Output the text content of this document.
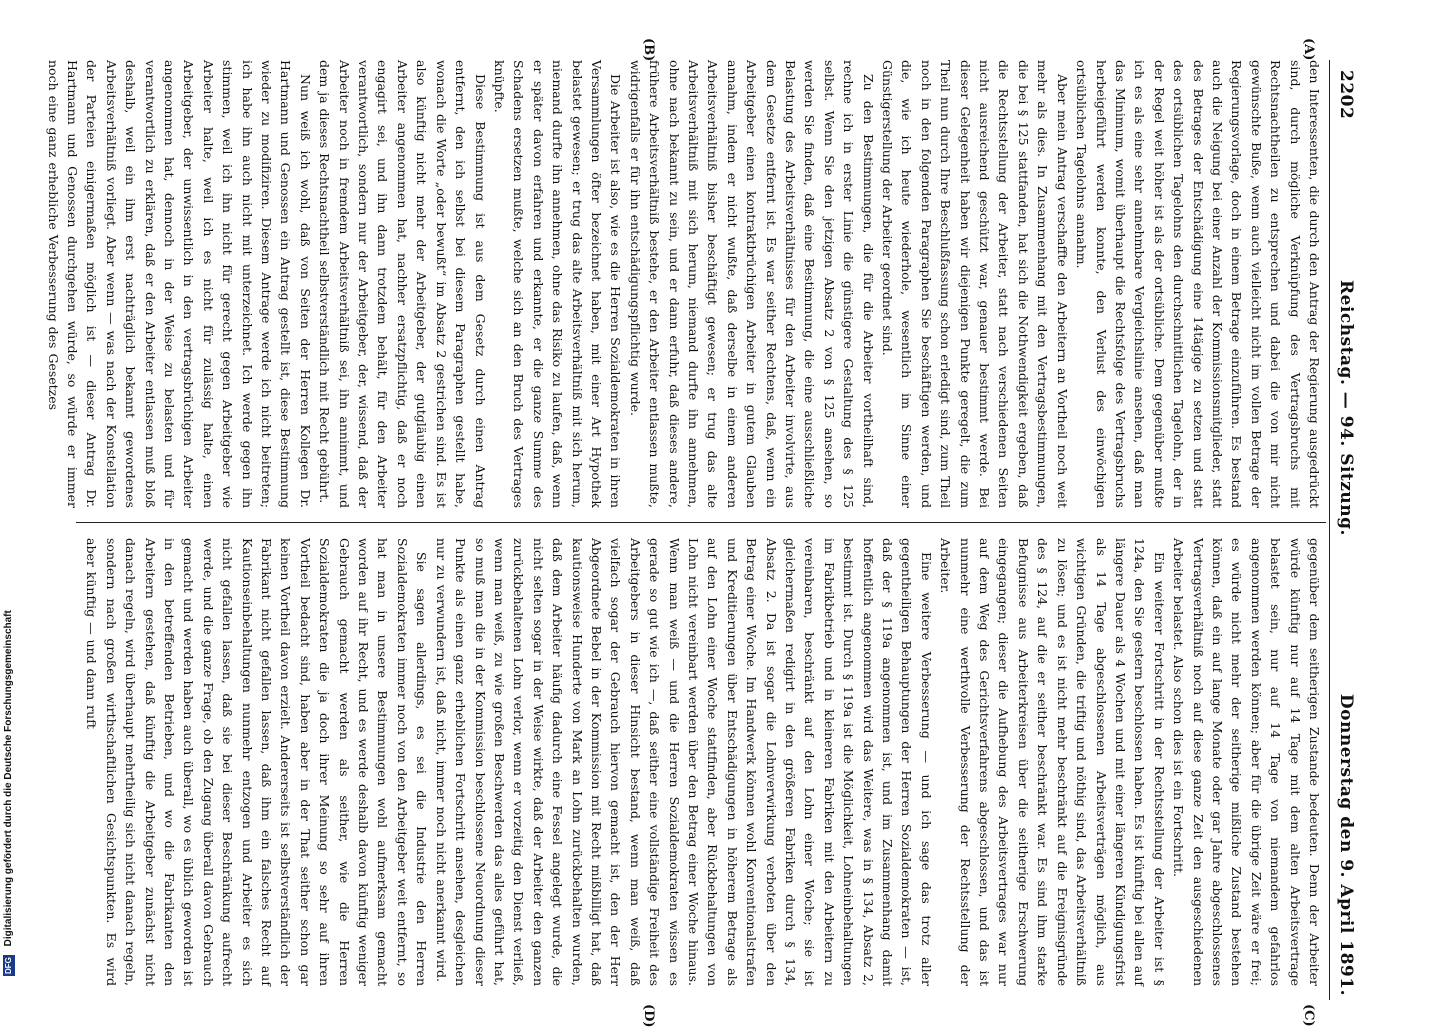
2202
Reichstag. — 94. Sitzung.
Donnerstag den 9. April 1891.

den Interessenten, die durch den Antrag der Regierung ausgedrückt sind, durch mögliche Verknüpfung des Vertragsbruchs mit Rechtsnachtheilen zu entsprechen und dabei die von mir nicht gewünschte Buße, wenn auch vielleicht nicht im vollen Betrage der Regierungsvorlage, doch in einem Betrage einzuführen. Es bestand auch die Neigung bei einer Anzahl der Kommissionsmitglieder, statt des Betrages der Entschädigung eine 14tägige zu setzen und statt des ortsüblichen Tagelohns den durchschnittlichen Tagelohn, der in der Regel weit höher ist als der ortsübliche. Dem gegenüber mußte ich es als eine sehr annehmbare Vergleichslinie ansehen, daß man das Minimum, womit überhaupt die Rechtsfolge des Vertragsbruchs herbeigeführt werden konnte, den Verlust des einwöchigen ortsüblichen Tagelohns annahm.

Aber mein Antrag verschaffte den Arbeitern an Vortheil noch weit mehr als dies. In Zusammenhang mit den Vertragsbestimmungen, die bei § 125 stattfanden, hat sich die Nothwendigkeit ergeben, daß die Rechtsstellung der Arbeiter, statt nach verschiedenen Seiten nicht ausreichend geschützt war, genauer bestimmt werde. Bei dieser Gelegenheit haben wir diejenigen Punkte geregelt, die zum Theil nun durch Ihre Beschlußfassung schon erledigt sind, zum Theil noch in den folgenden Paragraphen Sie beschäftigen werden, und die, wie ich heute wiederhole, wesentlich im Sinne einer Günstigerstellung der Arbeiter geordnet sind.

Zu den Bestimmungen, die für die Arbeiter vortheilhaft sind, rechne ich in erster Linie die günstigere Gestaltung des § 125 selbst. Wenn Sie den jetzigen Absatz 2 von § 125 ansehen, so werden Sie finden, daß eine Bestimmung, die eine ausschließliche Belastung des Arbeitsverhältnisses für den Arbeiter involvirte, aus dem Gesetze entfernt ist. Es war seither Rechtens, daß, wenn ein Arbeitgeber einen kontraktbrüchigen Arbeiter in gutem Glauben annahm, indem er nicht wußte, daß derselbe in einem anderen Arbeitsverhältniß bisher beschäftigt gewesen; er trug das alte Arbeitsverhältniß mit sich herum, niemand durfte ihn annehmen, ohne nach bekannt zu sein, und er dann erfuhr, daß dieses andere, frühere Arbeitsverhältniß bestehe, er den Arbeiter entlassen mußte, widrigenfalls er für ihn entschädigungspflichtig wurde.

Die Arbeiter ist also, wie es die Herren Sozialdemokraten in ihren Versammlungen öfter bezeichnet haben, mit einer Art Hypothek belastet gewesen; er trug das alte Arbeitsverhältniß mit sich herum, niemand durfte ihn annehmen, ohne das Risiko zu laufen, daß, wenn er später davon erfahren und erkannte, er die ganze Summe des Schadens ersetzen mußte, welche sich an den Bruch des Vertrages knüpfte.

Diese Bestimmung ist aus dem Gesetz durch einen Antrag entfernt, den ich selbst bei diesem Paragraphen gestellt habe, wonach die Worte „oder bewußt“ im Absatz 2 gestrichen sind. Es ist also künftig nicht mehr der Arbeitgeber, der gutgläubig einen Arbeiter angenommen hat, nachher ersatzpflichtig, daß er noch engagirt sei, und ihn dann trotzdem behält, für den Arbeiter verantwortlich, sondern nur der Arbeitgeber, der, wissend, daß der Arbeiter noch in fremdem Arbeitsverhältniß sei, ihn annimmt, und dem ja dieses Rechtsnachtheil selbstverständlich mit Recht gebührt.

Nun weiß ich wohl, daß von Seiten der Herren Kollegen Dr. Hartmann und Genossen ein Antrag gestellt ist, diese Bestimmung wieder zu modifiziren. Diesem Antrage werde ich nicht beitreten; ich habe ihn auch nicht mit unterzeichnet. Ich werde gegen ihn stimmen, weil ich ihn nicht für gerecht gegen Arbeitgeber wie Arbeiter halte, weil ich es nicht für zulässig halte, einen Arbeitgeber, der unwissentlich in den vertragsbrüchigen Arbeiter angenommen hat, dennoch in der Weise zu belasten und für verantwortlich zu erklären, daß er den Arbeiter entlassen muß bloß deshalb, weil ein ihm erst nachträglich bekannt gewordenes Arbeitsverhältniß vorliegt. Aber wenn — was nach der Konstellation der Parteien einigermaßen möglich ist — dieser Antrag Dr. Hartmann und Genossen durchgehen würde, so würde er immer noch eine ganz erhebliche Verbesserung des Gesetzes

gegenüber dem seitherigen Zustande bedeuten. Denn der Arbeiter würde künftig nur auf 14 Tage mit dem alten Arbeitsvertrage belastet sein, nur auf 14 Tage von niemandem gefahrlos angenommen werden können; aber für die übrige Zeit wäre er frei; es würde nicht mehr der seitherige mißliche Zustand bestehen können, daß ein auf lange Monate oder gar Jahre abgeschlossenes Vertragsverhältniß noch auf diese ganze Zeit den ausgeschiedenen Arbeiter belastet. Also schon dies ist ein Fortschritt.

Ein weiterer Fortschritt in der Rechtsstellung der Arbeiter ist § 124a, den Sie gestern beschlossen haben. Es ist künftig bei allen auf längere Dauer als 4 Wochen und mit einer längeren Kündigungsfrist als 14 Tage abgeschlossenen Arbeitsverträgen möglich, aus wichtigen Gründen, die triftig und nöthig sind, das Arbeitsverhältniß zu lösen; und es ist nicht mehr beschränkt auf die Ereignisgründe des § 124, auf die er seither beschränkt war. Es sind ihm starke Befugnisse aus Arbeiterkreisen über die seitherige Erschwerung eingegangen; dieser die Aufhebung des Arbeitsvertrages war nur auf dem Weg des Gerichtsverfahrens abgeschlossen, und das ist nunmehr eine werthvolle Verbesserung der Rechtsstellung der Arbeiter.

Eine weitere Verbesserung — und ich sage das trotz aller gegentheiligen Behauptungen der Herren Sozialdemokraten — ist, daß der § 119a angenommen ist, und im Zusammenhang damit hoffentlich angenommen wird das Weitere, was in § 134, Absatz 2, bestimmt ist. Durch § 119a ist die Möglichkeit, Lohneinbehaltungen im Fabrikbetrieb und in kleineren Fabriken mit den Arbeitern zu vereinbaren, beschränkt auf den Lohn einer Woche; sie ist gleichermaßen redigirt in den größeren Fabriken durch § 134, Absatz 2. Da ist sogar die Lohnverwirkung verboten über den Betrag einer Woche. Im Handwerk können wohl Konventionalstrafen und Kreditierungen über Entschädigungen in höherem Betrage als auf den Lohn einer Woche stattfinden, aber Rückbehaltungen von Lohn nicht vereinbart werden über den Betrag einer Woche hinaus. Wenn man weiß — und die Herren Sozialdemokraten wissen es gerade so gut wie ich —, daß seither eine vollständige Freiheit des Arbeitgebers in dieser Hinsicht bestand, wenn man weiß, daß vielfach sogar der Gebrauch hiervon gemacht ist, den der Herr Abgeordnete Bebel in der Kommission mit Recht mißbilligt hat, daß kautionsweise Hunderte von Mark an Lohn zurückbehalten wurden, daß dem Arbeiter häufig dadurch eine Fessel angelegt wurde, die nicht selten sogar in der Weise wirkte, daß der Arbeiter den ganzen zurückbehaltenen Lohn verlor, wenn er vorzeitig den Dienst verließ, wenn man weiß, zu wie großen Beschwerden das alles geführt hat, so muß man die in der Kommission beschlossene Neuordnung dieser Punkte als einen ganz erheblichen Fortschritt ansehen, desgleichen nur zu verwundern ist, daß nicht, immer noch nicht anerkannt wird.

Sie sagen allerdings, es sei die Industrie den Herren Sozialdemokraten immer noch von den Arbeitgeber weit entfernt, so hat man in unsere Bestimmungen wohl aufmerksam gemacht worden auf ihr Recht, und es werde deshalb davon künftig weniger Gebrauch gemacht werden als seither, wie die Herren Sozialdemokraten die ja doch ihrer Meinung so sehr auf ihren Vortheil bedacht sind, haben aber in der That seither schon gar keinen Vortheil davon erzielt. Andererseits ist selbstverständlich der Fabrikant nicht gefallen lassen, daß ihm ein falsches Recht auf Kautionseinbehaltungen nunmehr entzogen und Arbeiter es sich nicht gefallen lassen, daß sie bei dieser Beschränkung aufrecht werde, und die ganze Frage, ob den Zugang überall davon Gebrauch gemacht und werden haben auch überall, wo es üblich geworden ist in den betreffenden Betrieben, und wo die Fabrikanten den Arbeitern gestehen, daß künftig die Arbeitgeber zunächst nicht danach regeln, wird überhaupt mehrtheilig sich nicht danach regeln, sondern nach großen wirthschaftlichen Gesichtspunkten. Es wird aber künftig — und dann ruft

(A)
(B)
(C)
(D)
DFG Digitalisierung gefördert durch die Deutsche Forschungsgemeinschaft
